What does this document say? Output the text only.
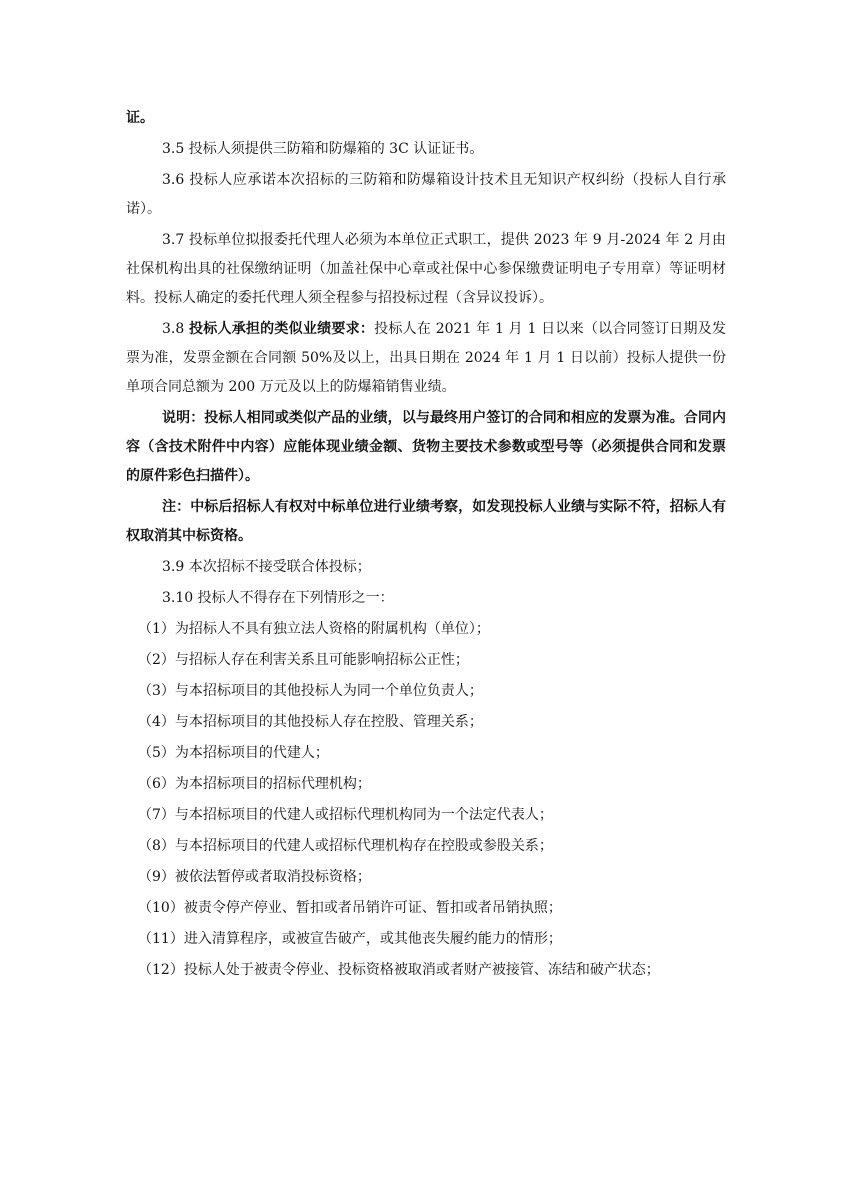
证。

3.5 投标人须提供三防箱和防爆箱的 3C 认证证书。

3.6 投标人应承诺本次招标的三防箱和防爆箱设计技术且无知识产权纠纷（投标人自行承诺）。

3.7 投标单位拟报委托代理人必须为本单位正式职工，提供 2023 年 9 月-2024 年 2 月由社保机构出具的社保缴纳证明（加盖社保中心章或社保中心参保缴费证明电子专用章）等证明材料。投标人确定的委托代理人须全程参与招投标过程（含异议投诉）。

3.8 投标人承担的类似业绩要求：投标人在 2021 年 1 月 1 日以来（以合同签订日期及发票为准，发票金额在合同额 50%及以上，出具日期在 2024 年 1 月 1 日以前）投标人提供一份单项合同总额为 200 万元及以上的防爆箱销售业绩。

说明：投标人相同或类似产品的业绩，以与最终用户签订的合同和相应的发票为准。合同内容（含技术附件中内容）应能体现业绩金额、货物主要技术参数或型号等（必须提供合同和发票的原件彩色扫描件）。

注：中标后招标人有权对中标单位进行业绩考察，如发现投标人业绩与实际不符，招标人有权取消其中标资格。

3.9 本次招标不接受联合体投标；

3.10 投标人不得存在下列情形之一：

（1）为招标人不具有独立法人资格的附属机构（单位）；

（2）与招标人存在利害关系且可能影响招标公正性；

（3）与本招标项目的其他投标人为同一个单位负责人；

（4）与本招标项目的其他投标人存在控股、管理关系；

（5）为本招标项目的代建人；

（6）为本招标项目的招标代理机构；

（7）与本招标项目的代建人或招标代理机构同为一个法定代表人；

（8）与本招标项目的代建人或招标代理机构存在控股或参股关系；

（9）被依法暂停或者取消投标资格；

（10）被责令停产停业、暂扣或者吊销许可证、暂扣或者吊销执照；

（11）进入清算程序，或被宣告破产，或其他丧失履约能力的情形；

（12）投标人处于被责令停业、投标资格被取消或者财产被接管、冻结和破产状态；
